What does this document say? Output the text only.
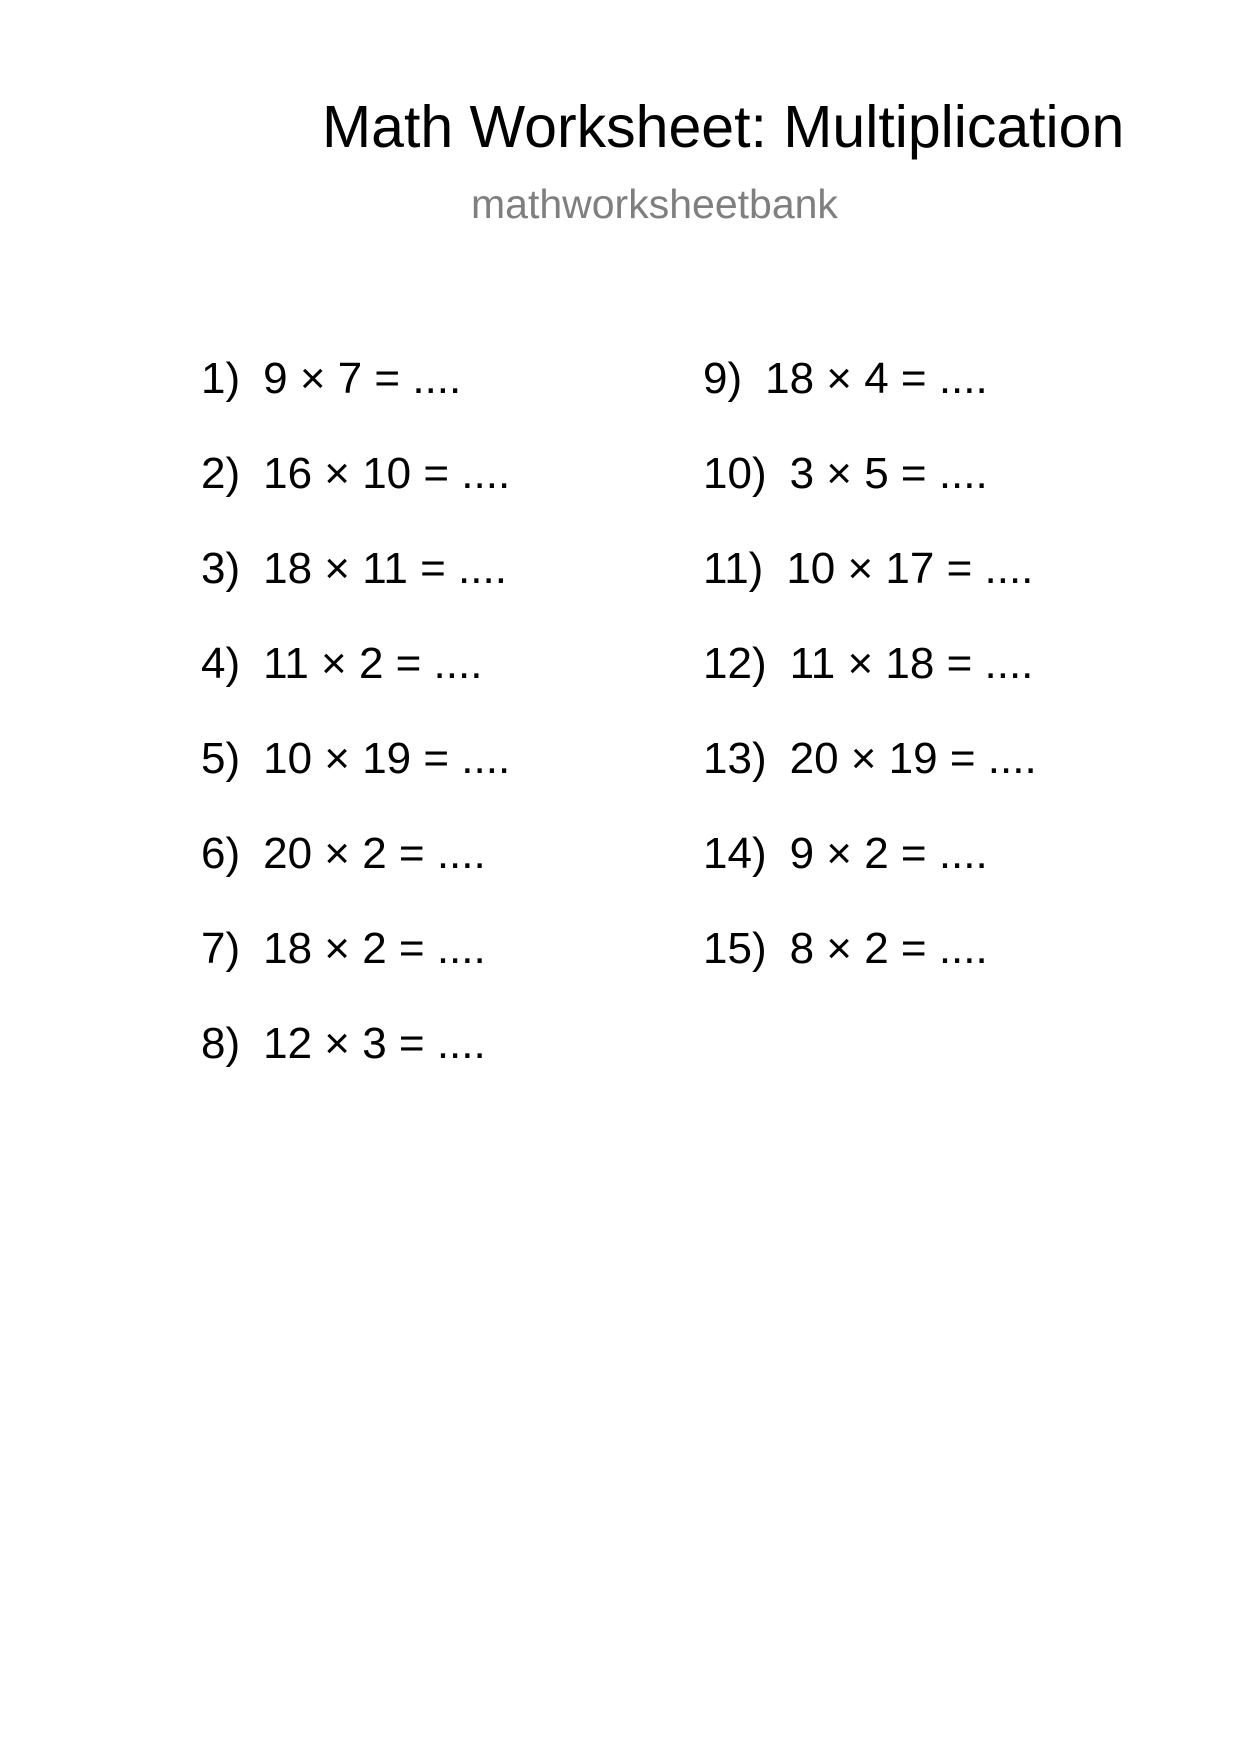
Math Worksheet: Multiplication
mathworksheetbank
1) 9 × 7 = ....
2) 16 × 10 = ....
3) 18 × 11 = ....
4) 11 × 2 = ....
5) 10 × 19 = ....
6) 20 × 2 = ....
7) 18 × 2 = ....
8) 12 × 3 = ....
9) 18 × 4 = ....
10) 3 × 5 = ....
11) 10 × 17 = ....
12) 11 × 18 = ....
13) 20 × 19 = ....
14) 9 × 2 = ....
15) 8 × 2 = ....
